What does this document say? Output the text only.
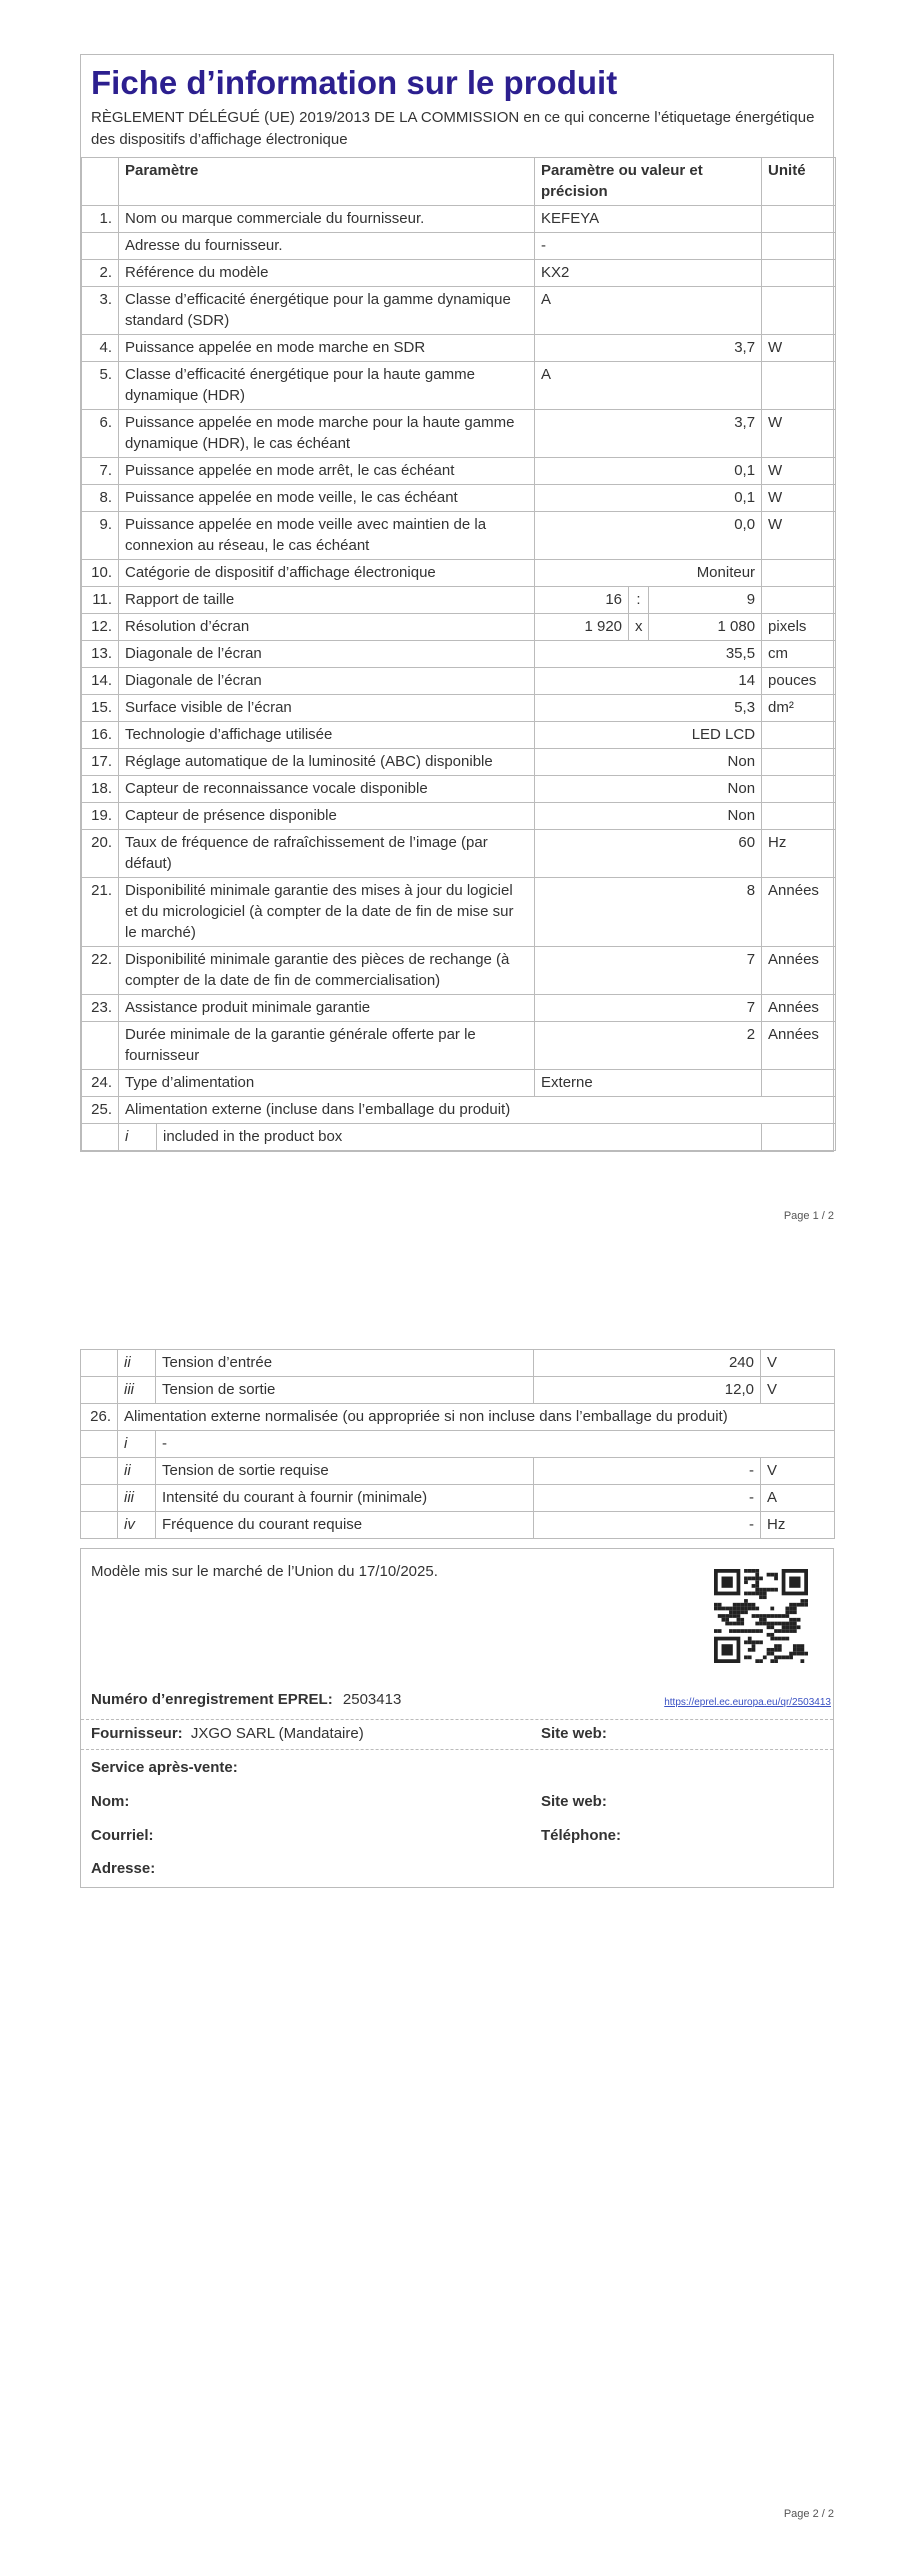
Fiche d’information sur le produit
RÈGLEMENT DÉLÉGUÉ (UE) 2019/2013 DE LA COMMISSION en ce qui concerne l’étiquetage énergétique des dispositifs d’affichage électronique
	Paramètre		Paramètre ou valeur et précision			Unité
1.	Nom ou marque commerciale du fournisseur.		KEFEYA			
	Adresse du fournisseur.		-			
2.	Référence du modèle		KX2			
3.	Classe d’efficacité énergétique pour la gamme dynamique standard (SDR)		A			
4.	Puissance appelée en mode marche en SDR		3,7			W
5.	Classe d’efficacité énergétique pour la haute gamme dynamique (HDR)		A			
6.	Puissance appelée en mode marche pour la haute gamme dynamique (HDR), le cas échéant		3,7			W
7.	Puissance appelée en mode arrêt, le cas échéant		0,1			W
8.	Puissance appelée en mode veille, le cas échéant		0,1			W
9.	Puissance appelée en mode veille avec maintien de la connexion au réseau, le cas échéant		0,0			W
10.	Catégorie de dispositif d’affichage électronique		Moniteur			
11.	Rapport de taille		16	:	9	
12.	Résolution d’écran		1 920	x	1 080	pixels
13.	Diagonale de l’écran		35,5			cm
14.	Diagonale de l’écran		14			pouces
15.	Surface visible de l’écran		5,3			dm²
16.	Technologie d’affichage utilisée		LED LCD			
17.	Réglage automatique de la luminosité (ABC) disponible		Non			
18.	Capteur de reconnaissance vocale disponible		Non			
19.	Capteur de présence disponible		Non			
20.	Taux de fréquence de rafraîchissement de l’image (par défaut)		60			Hz
21.	Disponibilité minimale garantie des mises à jour du logiciel et du micrologiciel (à compter de la date de fin de mise sur le marché)		8			Années
22.	Disponibilité minimale garantie des pièces de rechange (à compter de la date de fin de commercialisation)		7			Années
23.	Assistance produit minimale garantie		7			Années
	Durée minimale de la garantie générale offerte par le fournisseur		2			Années
24.	Type d’alimentation		Externe			
25.	Alimentation externe (incluse dans l’emballage du produit)					
	i	included in the product box				
Page 1 / 2
	ii	Tension d’entrée	240	V
	iii	Tension de sortie	12,0	V
26.	Alimentation externe normalisée (ou appropriée si non incluse dans l’emballage du produit)			
	i	-		
	ii	Tension de sortie requise	-	V
	iii	Intensité du courant à fournir (minimale)	-	A
	iv	Fréquence du courant requise	-	Hz
Modèle mis sur le marché de l’Union du 17/10/2025.
Numéro d’enregistrement EPREL: 2503413	https://eprel.ec.europa.eu/qr/2503413
Fournisseur: JXGO SARL (Mandataire)	Site web:
Service après-vente:
Nom:	Site web:
Courriel:	Téléphone:
Adresse:
Page 2 / 2
